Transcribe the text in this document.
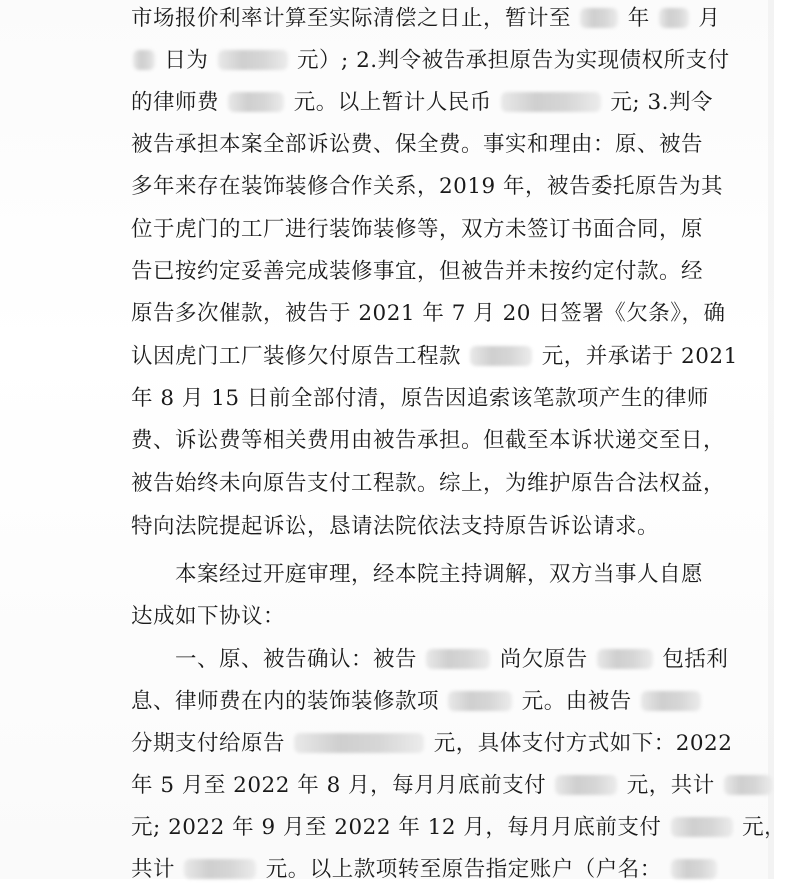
市场报价利率计算至实际清偿之日止，暂计至	年 月
日为	元）; 2.判令被告承担原告为实现债权所支付
的律师费	元。以上暂计人民币	元; 3.判令
被告承担本案全部诉讼费、保全费。事实和理由：原、被告
多年来存在装饰装修合作关系，2019 年，被告委托原告为其
位于虎门的工厂进行装饰装修等，双方未签订书面合同，原
告已按约定妥善完成装修事宜，但被告并未按约定付款。经
原告多次催款，被告于 2021 年 7 月 20 日签署《欠条》，确
认因虎门工厂装修欠付原告工程款	元，并承诺于 2021
年 8 月 15 日前全部付清，原告因追索该笔款项产生的律师
费、诉讼费等相关费用由被告承担。但截至本诉状递交至日，
被告始终未向原告支付工程款。综上，为维护原告合法权益，
特向法院提起诉讼，恳请法院依法支持原告诉讼请求。
本案经过开庭审理，经本院主持调解，双方当事人自愿
达成如下协议：
一、原、被告确认：被告	尚欠原告	包括利
息、律师费在内的装饰装修款项	元。由被告
分期支付给原告	元，具体支付方式如下：2022
年 5 月至 2022 年 8 月，每月月底前支付	元，共计
元; 2022 年 9 月至 2022 年 12 月，每月月底前支付	元，
共计	元。以上款项转至原告指定账户（户名：
